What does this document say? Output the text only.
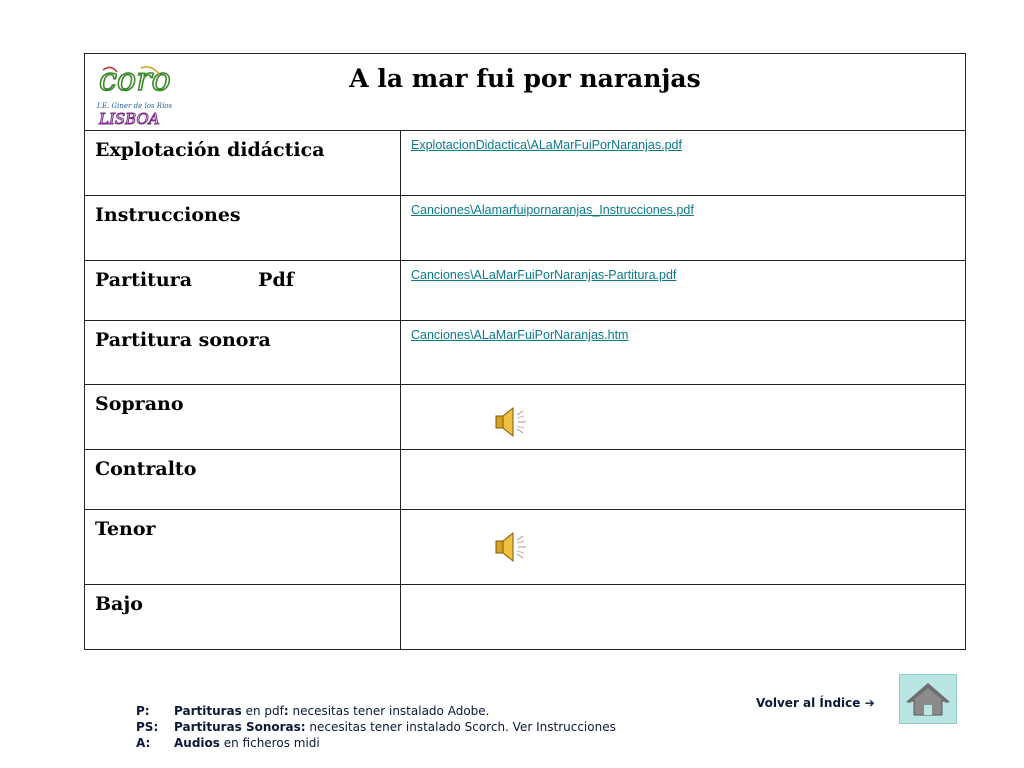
coro
I.E. Giner de los Ríos
LISBOA
A la mar fui por naranjas	

Explotación didáctica	ExplotacionDidactica\ALaMarFuiPorNaranjas.pdf

Instrucciones	Canciones\Alamarfuipornaranjas_Instrucciones.pdf

Partitura          Pdf	Canciones\ALaMarFuiPorNaranjas-Partitura.pdf

Partitura sonora	Canciones\ALaMarFuiPorNaranjas.htm

Soprano

Contralto	

Tenor

Bajo	

P: Partituras en pdf: necesitas tener instalado Adobe.
PS: Partituras Sonoras: necesitas tener instalado Scorch. Ver Instrucciones
A: Audios en ficheros midi
Volver al Índice ➔
